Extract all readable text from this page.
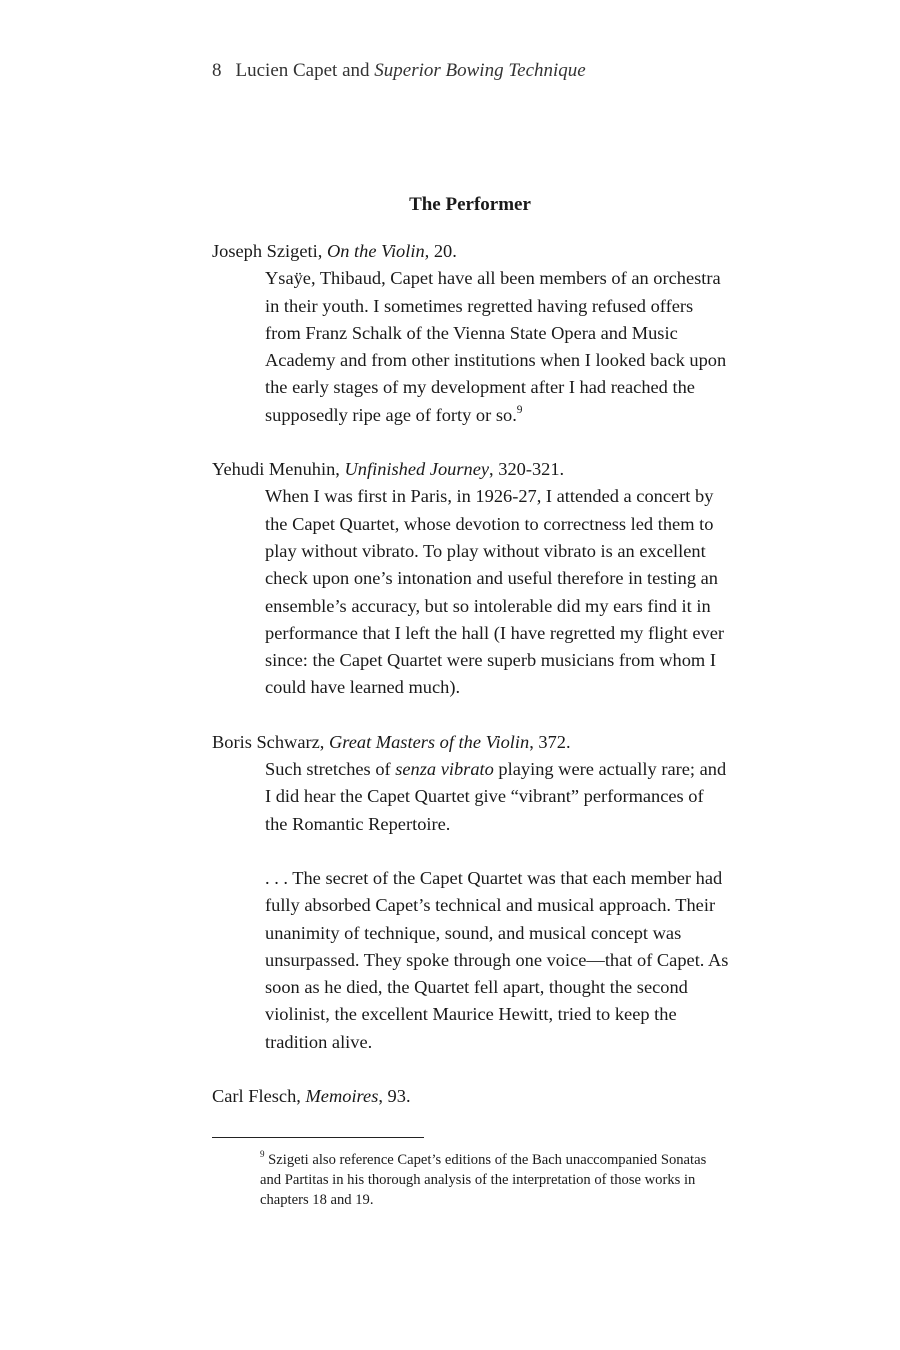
8 Lucien Capet and Superior Bowing Technique
The Performer
Joseph Szigeti, On the Violin, 20.
Ysaÿe, Thibaud, Capet have all been members of an orchestra in their youth. I sometimes regretted having refused offers from Franz Schalk of the Vienna State Opera and Music Academy and from other institutions when I looked back upon the early stages of my development after I had reached the supposedly ripe age of forty or so.$^9$
Yehudi Menuhin, Unfinished Journey, 320-321.
When I was first in Paris, in 1926-27, I attended a concert by the Capet Quartet, whose devotion to correctness led them to play without vibrato. To play without vibrato is an excellent check upon one’s intonation and useful therefore in testing an ensemble’s accuracy, but so intolerable did my ears find it in performance that I left the hall (I have regretted my flight ever since: the Capet Quartet were superb musicians from whom I could have learned much).
Boris Schwarz, Great Masters of the Violin, 372.
Such stretches of senza vibrato playing were actually rare; and I did hear the Capet Quartet give “vibrant” performances of the Romantic Repertoire.
. . . The secret of the Capet Quartet was that each member had fully absorbed Capet’s technical and musical approach. Their unanimity of technique, sound, and musical concept was unsurpassed. They spoke through one voice—that of Capet. As soon as he died, the Quartet fell apart, thought the second violinist, the excellent Maurice Hewitt, tried to keep the tradition alive.
Carl Flesch, Memoires, 93.
$^9$ Szigeti also reference Capet’s editions of the Bach unaccompanied Sonatas and Partitas in his thorough analysis of the interpretation of those works in chapters 18 and 19.
